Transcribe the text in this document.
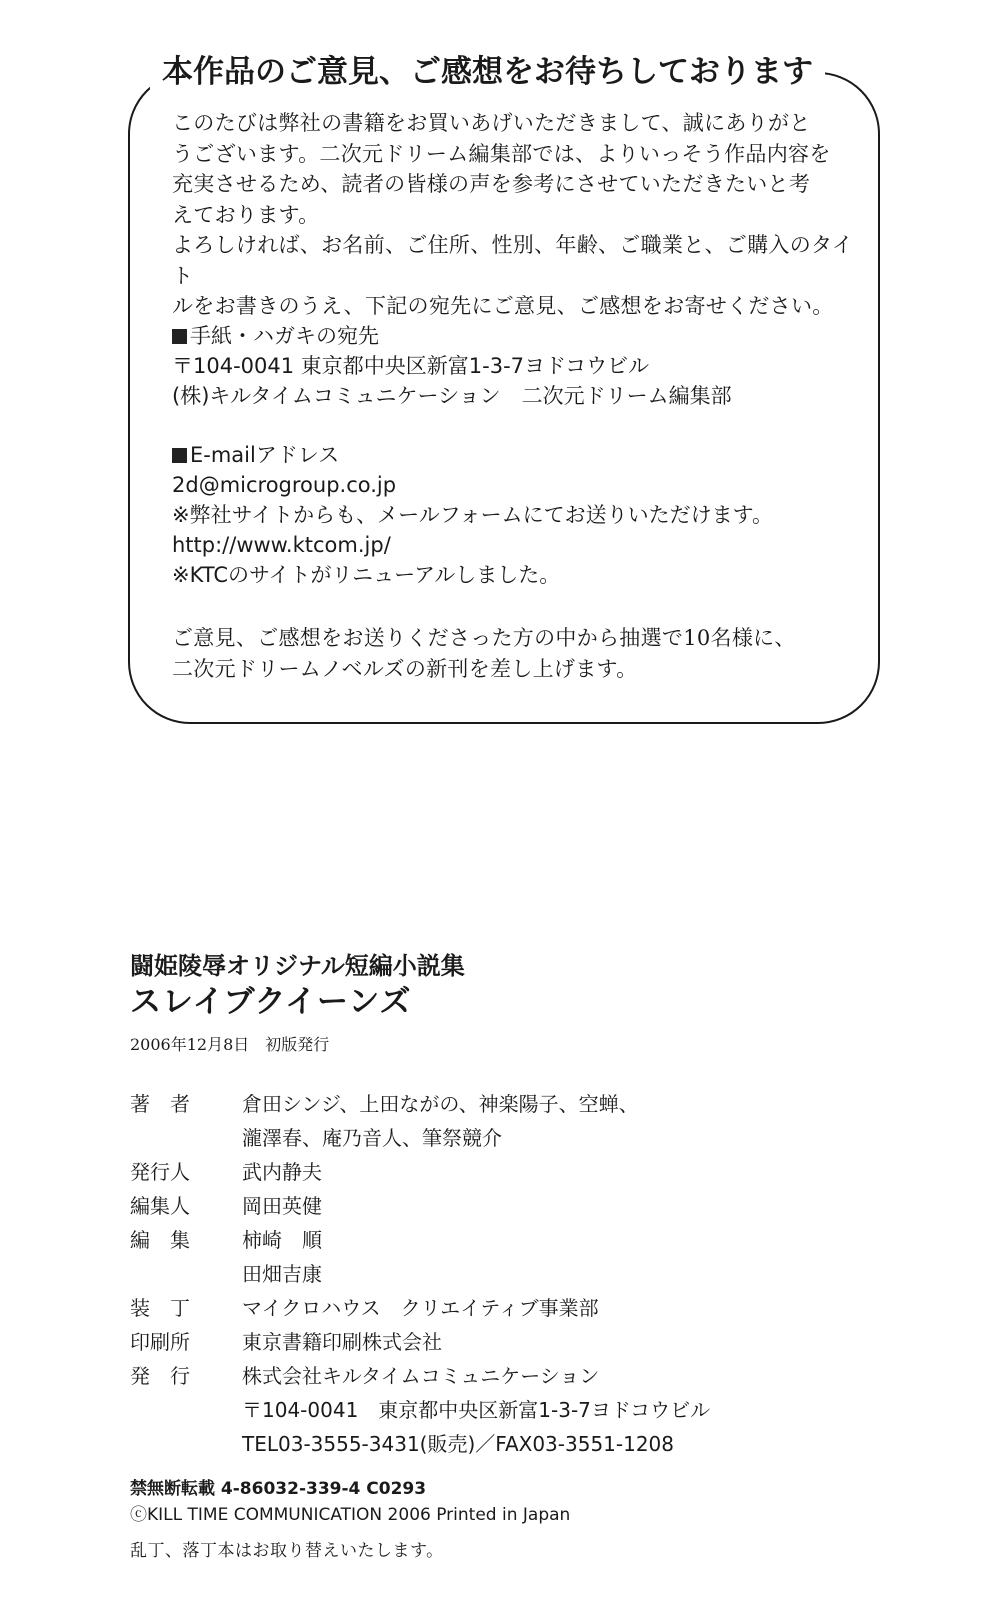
本作品のご意見、ご感想をお待ちしております

このたびは弊社の書籍をお買いあげいただきまして、誠にありがと

うございます。二次元ドリーム編集部では、よりいっそう作品内容を

充実させるため、読者の皆様の声を参考にさせていただきたいと考

えております。

よろしければ、お名前、ご住所、性別、年齢、ご職業と、ご購入のタイト

ルをお書きのうえ、下記の宛先にご意見、ご感想をお寄せください。

手紙・ハガキの宛先
〒104-0041 東京都中央区新富1-3-7ヨドコウビル
(株)キルタイムコミュニケーション　二次元ドリーム編集部
E-mailアドレス
2d@microgroup.co.jp
※弊社サイトからも、メールフォームにてお送りいただけます。
http://www.ktcom.jp/
※KTCのサイトがリニューアルしました。
ご意見、ご感想をお送りくださった方の中から抽選で10名様に、
二次元ドリームノベルズの新刊を差し上げます。
闘姫陵辱オリジナル短編小説集
スレイブクイーンズ
2006年12月8日　初版発行
著　者	倉田シンジ、上田ながの、神楽陽子、空蝉、
瀧澤春、庵乃音人、筆祭競介
発行人	武内静夫
編集人	岡田英健
編　集	柿崎　順
田畑吉康
装　丁	マイクロハウス　クリエイティブ事業部
印刷所	東京書籍印刷株式会社
発　行	株式会社キルタイムコミュニケーション
〒104-0041　東京都中央区新富1-3-7ヨドコウビル
TEL03-3555-3431(販売)／FAX03-3551-1208
禁無断転載 4-86032-339-4 C0293
ⓒKILL TIME COMMUNICATION 2006 Printed in Japan
乱丁、落丁本はお取り替えいたします。
